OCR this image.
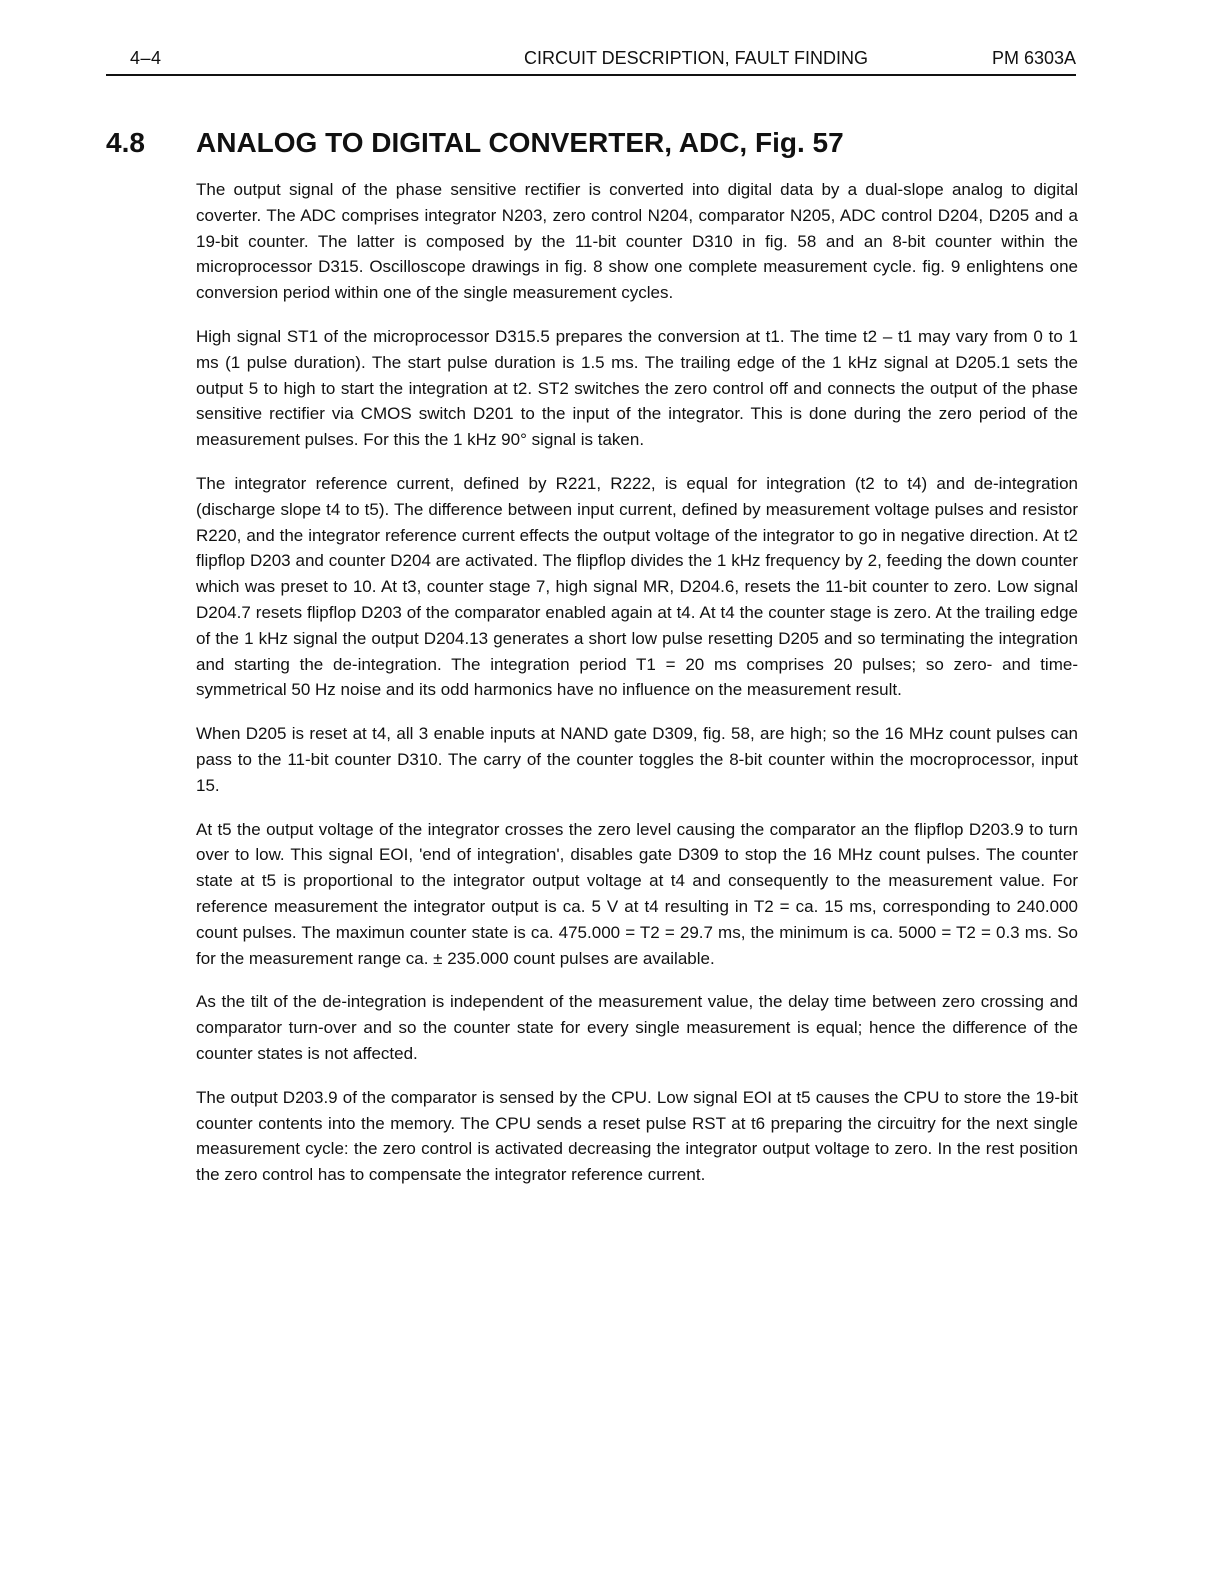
4–4	CIRCUIT DESCRIPTION, FAULT FINDING	PM 6303A
4.8 ANALOG TO DIGITAL CONVERTER, ADC, Fig. 57

The output signal of the phase sensitive rectifier is converted into digital data by a dual-slope analog to digital coverter. The ADC comprises integrator N203, zero control N204, comparator N205, ADC control D204, D205 and a 19-bit counter. The latter is composed by the 11-bit counter D310 in fig. 58 and an 8-bit counter within the microprocessor D315. Oscilloscope drawings in fig. 8 show one complete measurement cycle. fig. 9 enlightens one conversion period within one of the single measurement cycles.

High signal ST1 of the microprocessor D315.5 prepares the conversion at t1. The time t2 – t1 may vary from 0 to 1 ms (1 pulse duration). The start pulse duration is 1.5 ms. The trailing edge of the 1 kHz signal at D205.1 sets the output 5 to high to start the integration at t2. ST2 switches the zero control off and connects the output of the phase sensitive rectifier via CMOS switch D201 to the input of the integrator. This is done during the zero period of the measurement pulses. For this the 1 kHz 90° signal is taken.

The integrator reference current, defined by R221, R222, is equal for integration (t2 to t4) and de-integration (discharge slope t4 to t5). The difference between input current, defined by measurement voltage pulses and resistor R220, and the integrator reference current effects the output voltage of the integrator to go in negative direction. At t2 flipflop D203 and counter D204 are activated. The flipflop divides the 1 kHz frequency by 2, feeding the down counter which was preset to 10. At t3, counter stage 7, high signal MR, D204.6, resets the 11-bit counter to zero. Low signal D204.7 resets flipflop D203 of the comparator enabled again at t4. At t4 the counter stage is zero. At the trailing edge of the 1 kHz signal the output D204.13 generates a short low pulse resetting D205 and so terminating the integration and starting the de-integration. The integration period T1 = 20 ms comprises 20 pulses; so zero- and time-symmetrical 50 Hz noise and its odd harmonics have no influence on the measurement result.

When D205 is reset at t4, all 3 enable inputs at NAND gate D309, fig. 58, are high; so the 16 MHz count pulses can pass to the 11-bit counter D310. The carry of the counter toggles the 8-bit counter within the mocroprocessor, input 15.

At t5 the output voltage of the integrator crosses the zero level causing the comparator an the flipflop D203.9 to turn over to low. This signal EOI, 'end of integration', disables gate D309 to stop the 16 MHz count pulses. The counter state at t5 is proportional to the integrator output voltage at t4 and consequently to the measurement value. For reference measurement the integrator output is ca. 5 V at t4 resulting in T2 = ca. 15 ms, corresponding to 240.000 count pulses. The maximun counter state is ca. 475.000 = T2 = 29.7 ms, the minimum is ca. 5000 = T2 = 0.3 ms. So for the measurement range ca. ± 235.000 count pulses are available.

As the tilt of the de-integration is independent of the measurement value, the delay time between zero crossing and comparator turn-over and so the counter state for every single measurement is equal; hence the difference of the counter states is not affected.

The output D203.9 of the comparator is sensed by the CPU. Low signal EOI at t5 causes the CPU to store the 19-bit counter contents into the memory. The CPU sends a reset pulse RST at t6 preparing the circuitry for the next single measurement cycle: the zero control is activated decreasing the integrator output voltage to zero. In the rest position the zero control has to compensate the integrator reference current.
